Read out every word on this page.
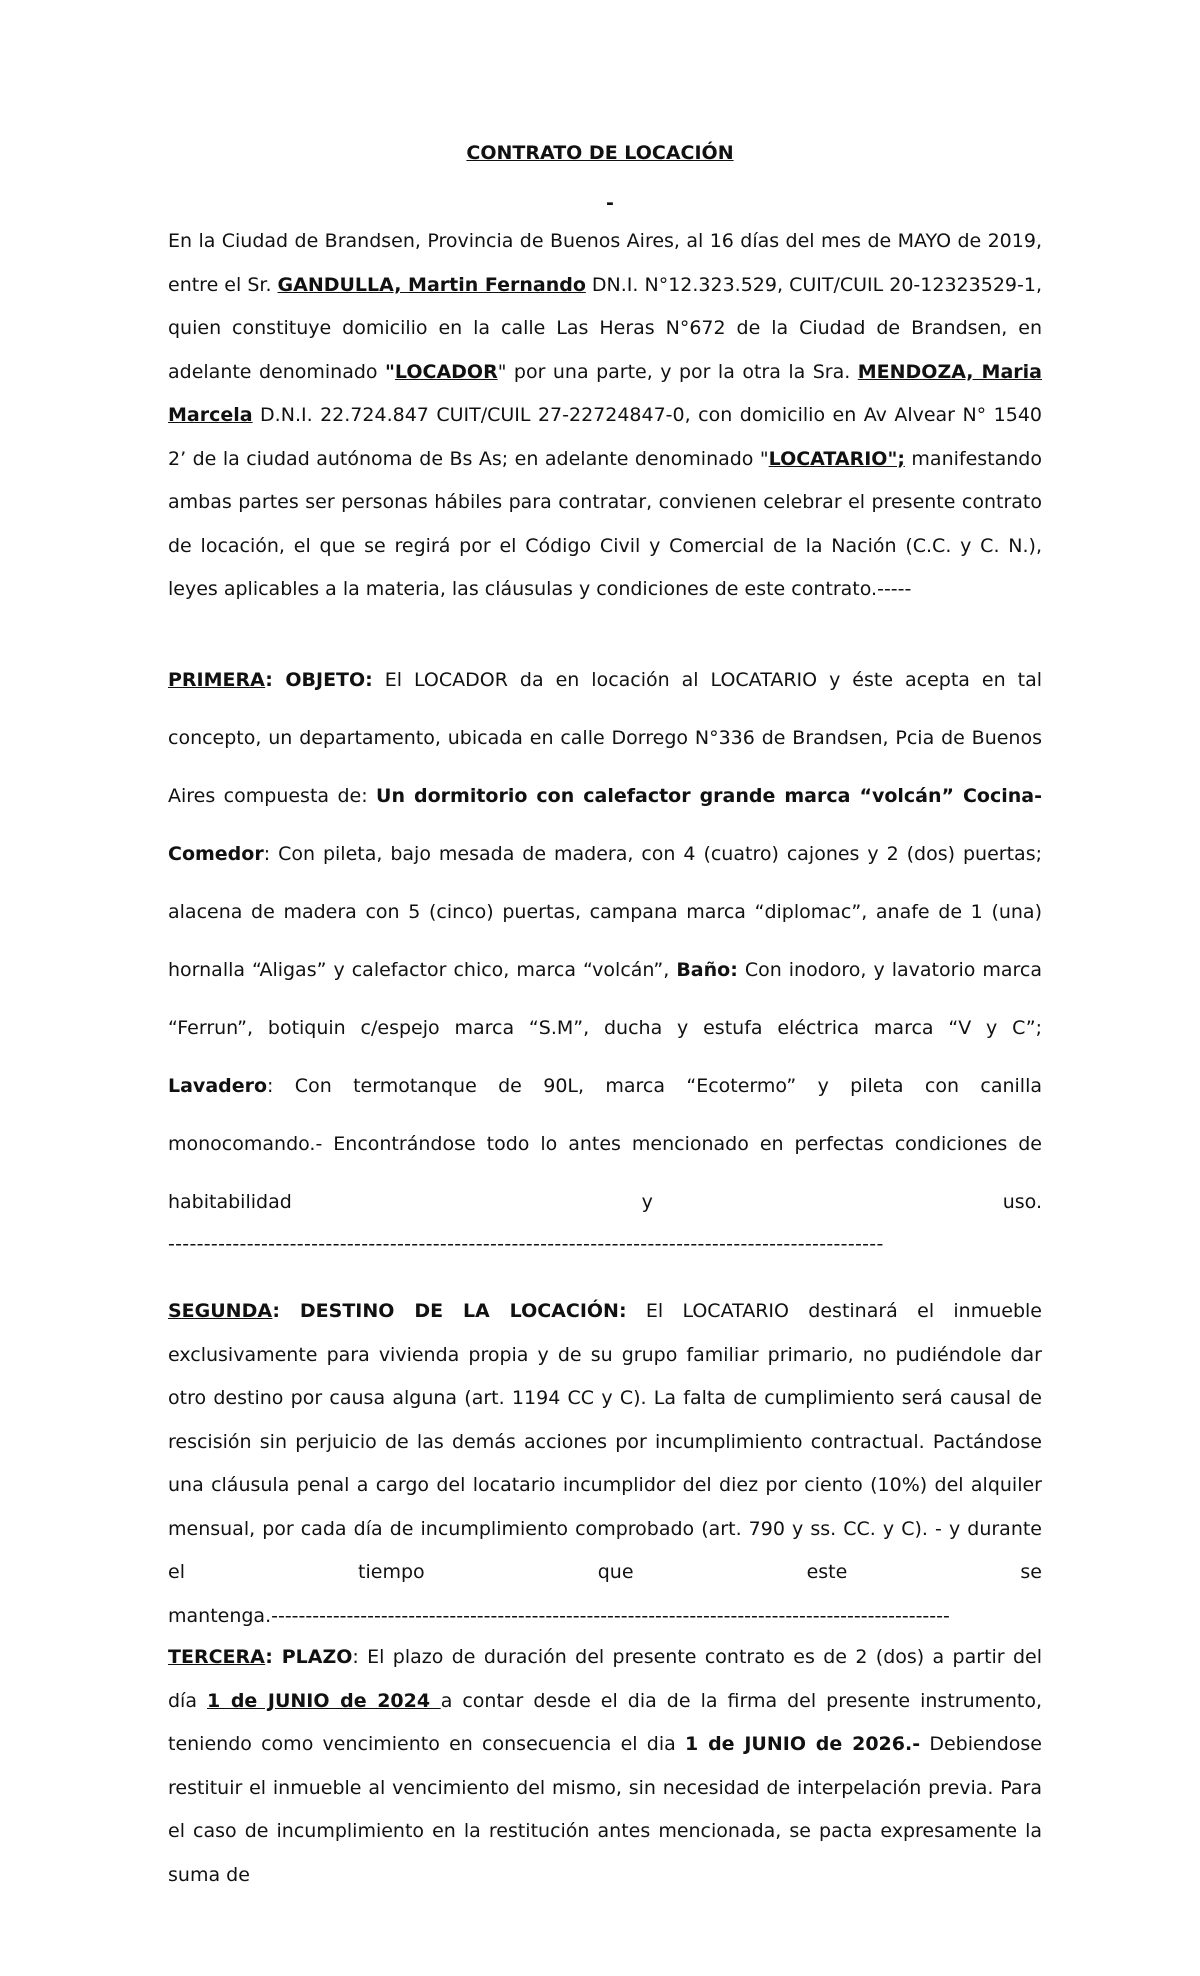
CONTRATO DE LOCACIÓN
-

En la Ciudad de Brandsen, Provincia de Buenos Aires, al 16 días del mes de MAYO de 2019, entre el Sr. GANDULLA, Martin Fernando DN.I. N°12.323.529, CUIT/CUIL 20-12323529-1, quien constituye domicilio en la calle Las Heras N°672 de la Ciudad de Brandsen, en adelante denominado "LOCADOR" por una parte, y por la otra la Sra. MENDOZA, Maria Marcela D.N.I. 22.724.847 CUIT/CUIL 27-22724847-0, con domicilio en Av Alvear N° 1540 2’ de la ciudad autónoma de Bs As; en adelante denominado "LOCATARIO"; manifestando ambas partes ser personas hábiles para contratar, convienen celebrar el presente contrato de locación, el que se regirá por el Código Civil y Comercial de la Nación (C.C. y C. N.), leyes aplicables a la materia, las cláusulas y condiciones de este contrato.-----

PRIMERA: OBJETO: El LOCADOR da en locación al LOCATARIO y éste acepta en tal concepto, un departamento, ubicada en calle Dorrego N°336 de Brandsen, Pcia de Buenos Aires compuesta de: Un dormitorio con calefactor grande marca “volcán” Cocina-Comedor: Con pileta, bajo mesada de madera, con 4 (cuatro) cajones y 2 (dos) puertas; alacena de madera con 5 (cinco) puertas, campana marca “diplomac”, anafe de 1 (una) hornalla “Aligas” y calefactor chico, marca “volcán”, Baño: Con inodoro, y lavatorio marca “Ferrun”, botiquin c/espejo marca “S.M”, ducha y estufa eléctrica marca “V y C”; Lavadero: Con termotanque de 90L, marca “Ecotermo” y pileta con canilla monocomando.- Encontrándose todo lo antes mencionado en perfectas condiciones de habitabilidad y uso.

----------------------------------------------------------------------------------------------------

SEGUNDA: DESTINO DE LA LOCACIÓN: El LOCATARIO destinará el inmueble exclusivamente para vivienda propia y de su grupo familiar primario, no pudiéndole dar otro destino por causa alguna (art. 1194 CC y C). La falta de cumplimiento será causal de rescisión sin perjuicio de las demás acciones por incumplimiento contractual. Pactándose una cláusula penal a cargo del locatario incumplidor del diez por ciento (10%) del alquiler mensual, por cada día de incumplimiento comprobado (art. 790 y ss. CC. y C). - y durante el tiempo que este se
mantenga.---------------------------------------------------------------------------------------------------

TERCERA: PLAZO: El plazo de duración del presente contrato es de 2 (dos) a partir del día 1 de JUNIO de 2024 a contar desde el dia de la firma del presente instrumento, teniendo como vencimiento en consecuencia el dia 1 de JUNIO de 2026.- Debiendose restituir el inmueble al vencimiento del mismo, sin necesidad de interpelación previa. Para el caso de incumplimiento en la restitución antes mencionada, se pacta expresamente la suma de
